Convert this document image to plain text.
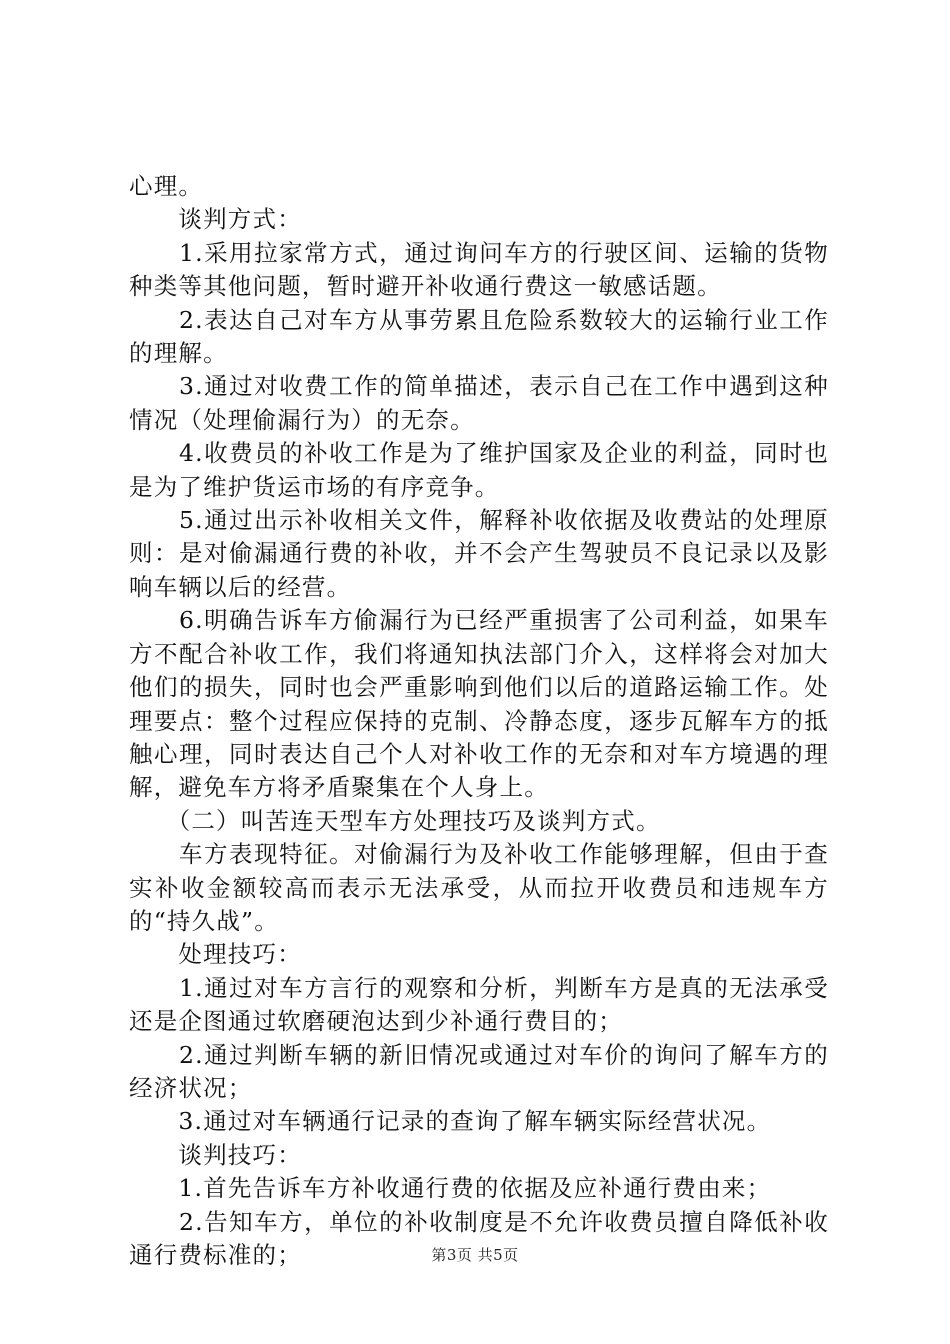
心理。

　　谈判方式：

　　1.采用拉家常方式，通过询问车方的行驶区间、运输的货物种类等其他问题，暂时避开补收通行费这一敏感话题。

　　2.表达自己对车方从事劳累且危险系数较大的运输行业工作的理解。

　　3.通过对收费工作的简单描述，表示自己在工作中遇到这种情况（处理偷漏行为）的无奈。

　　4.收费员的补收工作是为了维护国家及企业的利益，同时也是为了维护货运市场的有序竞争。

　　5.通过出示补收相关文件，解释补收依据及收费站的处理原则：是对偷漏通行费的补收，并不会产生驾驶员不良记录以及影响车辆以后的经营。

　　6.明确告诉车方偷漏行为已经严重损害了公司利益，如果车方不配合补收工作，我们将通知执法部门介入，这样将会对加大他们的损失，同时也会严重影响到他们以后的道路运输工作。处理要点：整个过程应保持的克制、冷静态度，逐步瓦解车方的抵触心理，同时表达自己个人对补收工作的无奈和对车方境遇的理解，避免车方将矛盾聚集在个人身上。

　　（二）叫苦连天型车方处理技巧及谈判方式。

　　车方表现特征。对偷漏行为及补收工作能够理解，但由于查实补收金额较高而表示无法承受，从而拉开收费员和违规车方的“持久战”。

　　处理技巧：

　　1.通过对车方言行的观察和分析，判断车方是真的无法承受还是企图通过软磨硬泡达到少补通行费目的；

　　2.通过判断车辆的新旧情况或通过对车价的询问了解车方的经济状况；

　　3.通过对车辆通行记录的查询了解车辆实际经营状况。

　　谈判技巧：

　　1.首先告诉车方补收通行费的依据及应补通行费由来；

　　2.告知车方，单位的补收制度是不允许收费员擅自降低补收通行费标准的；	第3页 共5页
